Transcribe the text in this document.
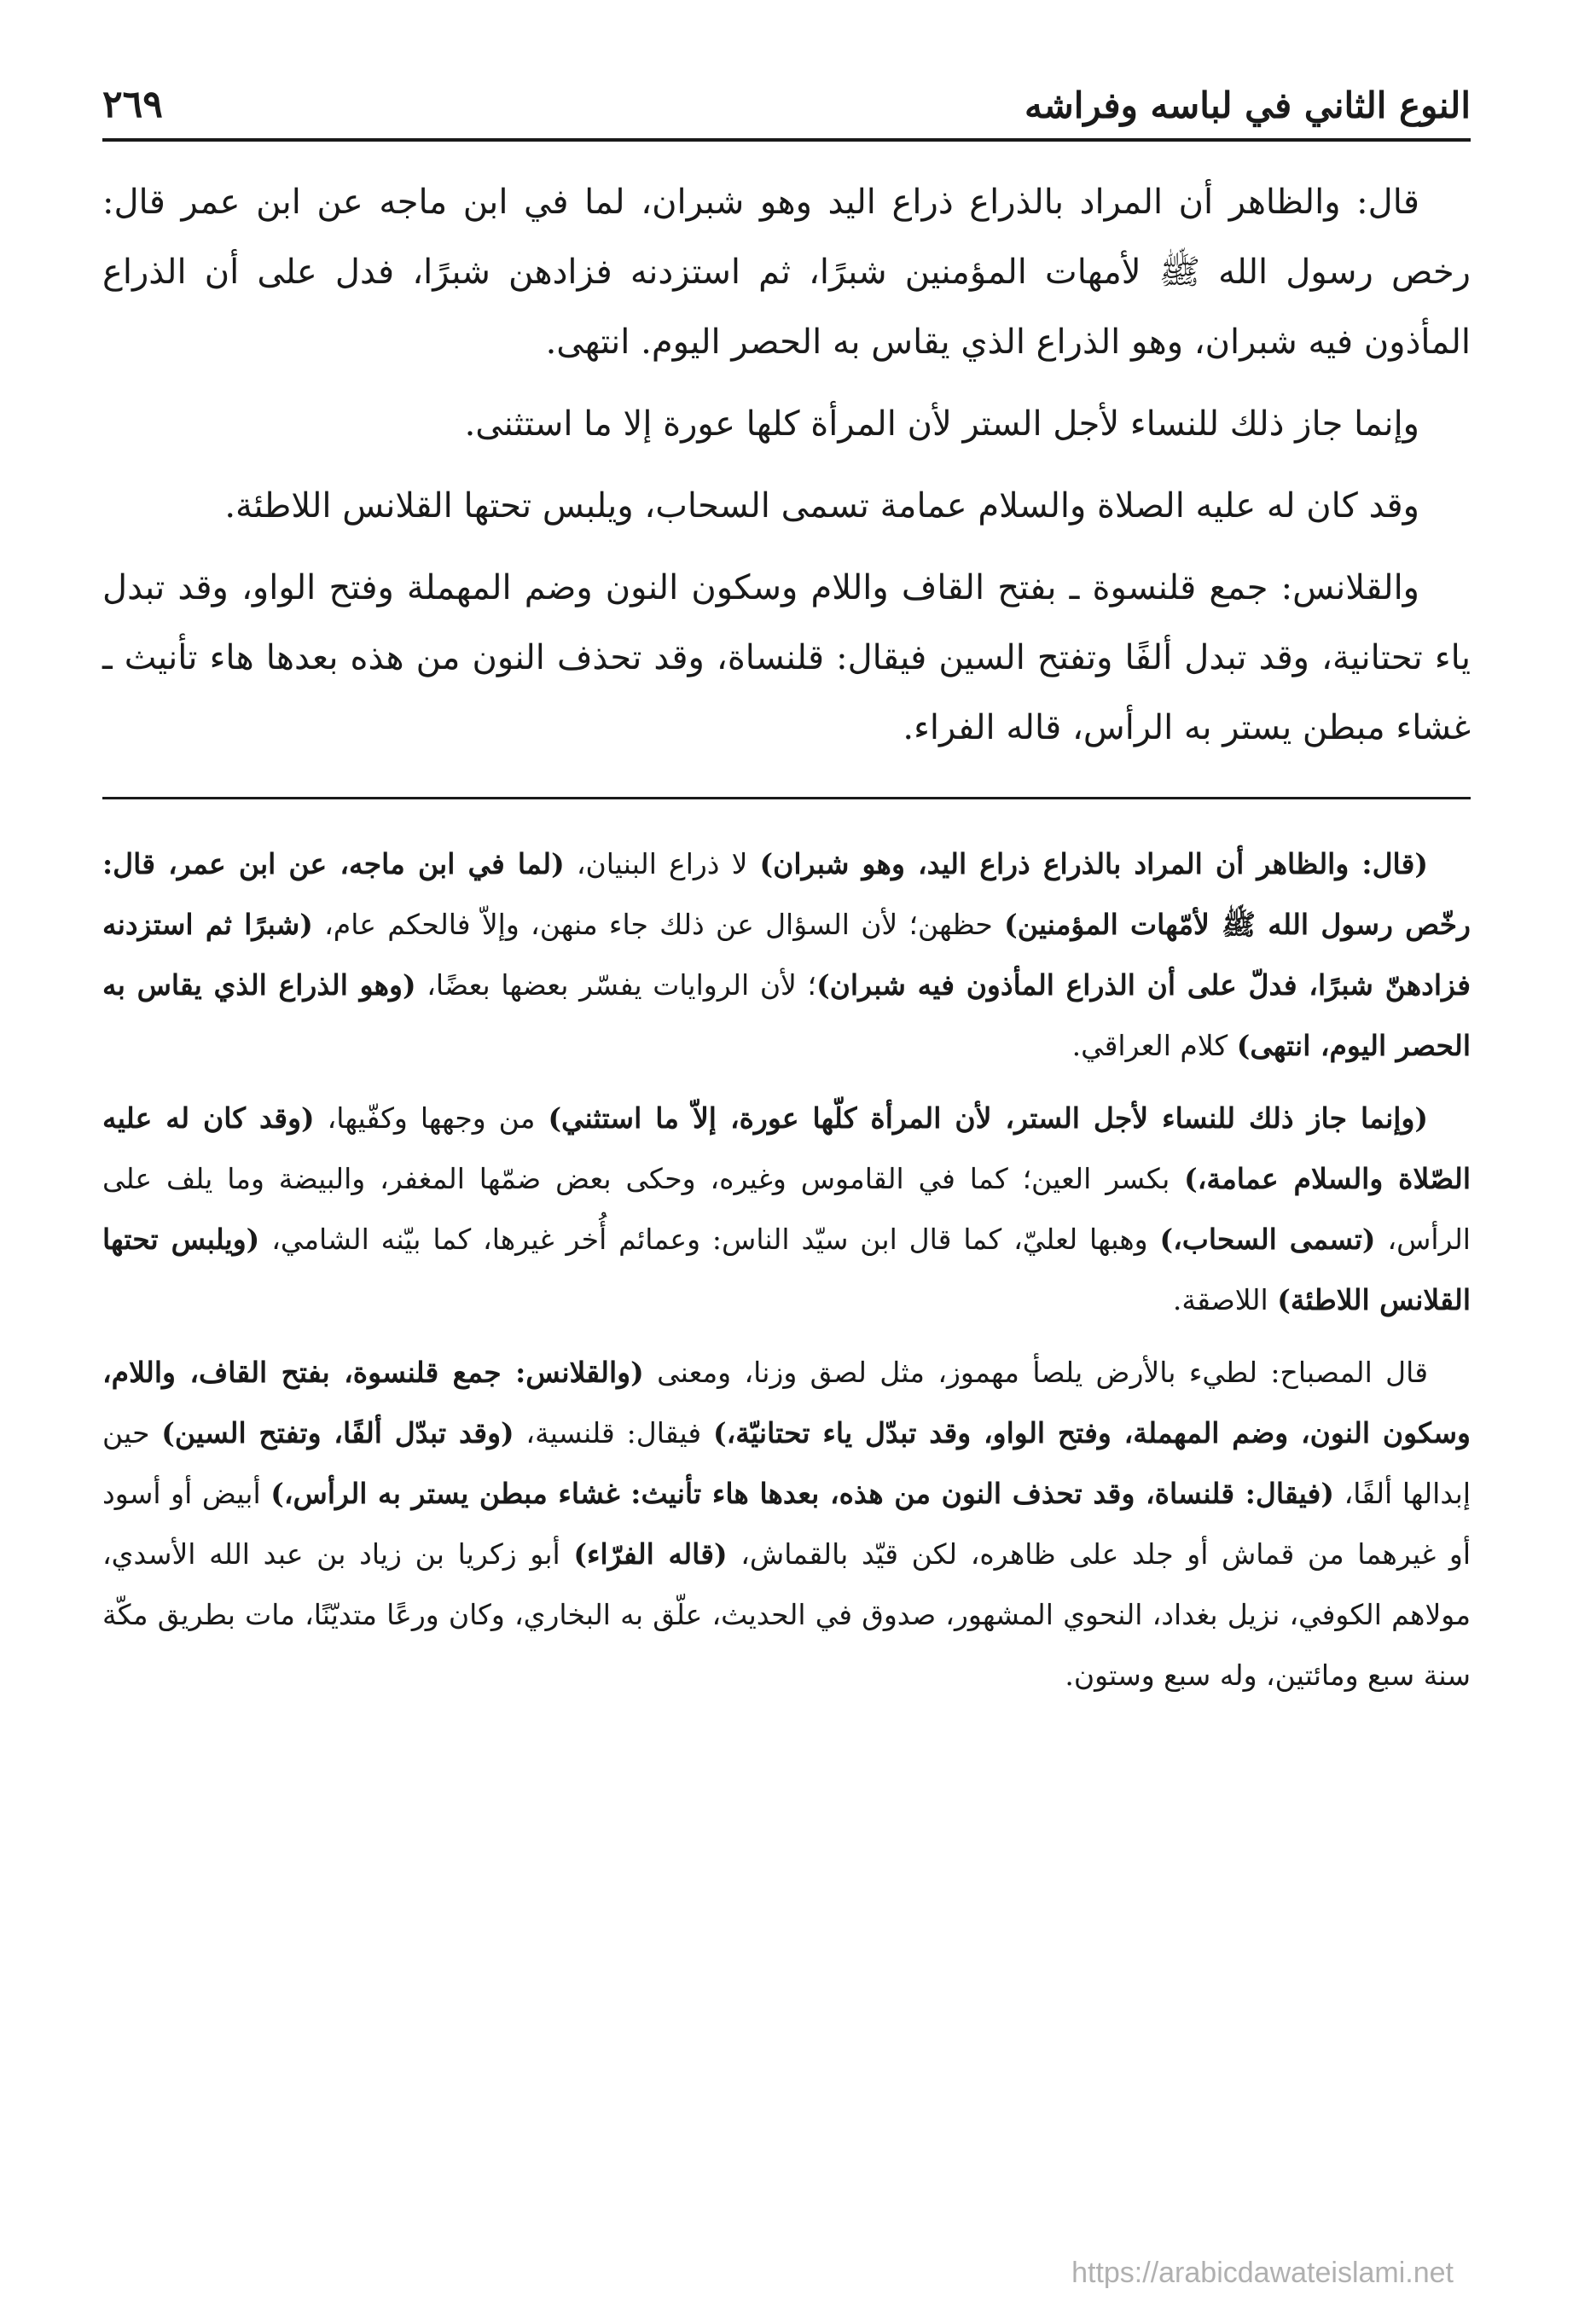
النوع الثاني في لباسه وفراشه
٢٦٩

قال: والظاهر أن المراد بالذراع ذراع اليد وهو شبران، لما في ابن ماجه عن ابن عمر قال: رخص رسول الله ﷺ لأمهات المؤمنين شبرًا، ثم استزدنه فزادهن شبرًا، فدل على أن الذراع المأذون فيه شبران، وهو الذراع الذي يقاس به الحصر اليوم. انتهى.

وإنما جاز ذلك للنساء لأجل الستر لأن المرأة كلها عورة إلا ما استثنى.

وقد كان له عليه الصلاة والسلام عمامة تسمى السحاب، ويلبس تحتها القلانس اللاطئة.

والقلانس: جمع قلنسوة ـ بفتح القاف واللام وسكون النون وضم المهملة وفتح الواو، وقد تبدل ياء تحتانية، وقد تبدل ألفًا وتفتح السين فيقال: قلنساة، وقد تحذف النون من هذه بعدها هاء تأنيث ـ غشاء مبطن يستر به الرأس، قاله الفراء.

(قال: والظاهر أن المراد بالذراع ذراع اليد، وهو شبران) لا ذراع البنيان، (لما في ابن ماجه، عن ابن عمر، قال: رخّص رسول الله ﷺ لأمّهات المؤمنين) حظهن؛ لأن السؤال عن ذلك جاء منهن، وإلاّ فالحكم عام، (شبرًا ثم استزدنه فزادهنّ شبرًا، فدلّ على أن الذراع المأذون فيه شبران)؛ لأن الروايات يفسّر بعضها بعضًا، (وهو الذراع الذي يقاس به الحصر اليوم، انتهى) كلام العراقي.

(وإنما جاز ذلك للنساء لأجل الستر، لأن المرأة كلّها عورة، إلاّ ما استثني) من وجهها وكفّيها، (وقد كان له عليه الصّلاة والسلام عمامة،) بكسر العين؛ كما في القاموس وغيره، وحكى بعض ضمّها المغفر، والبيضة وما يلف على الرأس، (تسمى السحاب،) وهبها لعليّ، كما قال ابن سيّد الناس: وعمائم أُخر غيرها، كما بيّنه الشامي، (ويلبس تحتها القلانس اللاطئة) اللاصقة.

قال المصباح: لطيء بالأرض يلصأ مهموز، مثل لصق وزنا، ومعنى (والقلانس: جمع قلنسوة، بفتح القاف، واللام، وسكون النون، وضم المهملة، وفتح الواو، وقد تبدّل ياء تحتانيّة،) فيقال: قلنسية، (وقد تبدّل ألفًا، وتفتح السين) حين إبدالها ألفًا، (فيقال: قلنساة، وقد تحذف النون من هذه، بعدها هاء تأنيث: غشاء مبطن يستر به الرأس،) أبيض أو أسود أو غيرهما من قماش أو جلد على ظاهره، لكن قيّد بالقماش، (قاله الفرّاء) أبو زكريا بن زياد بن عبد الله الأسدي، مولاهم الكوفي، نزيل بغداد، النحوي المشهور، صدوق في الحديث، علّق به البخاري، وكان ورعًا متديّنًا، مات بطريق مكّة سنة سبع ومائتين، وله سبع وستون.

https://arabicdawateislami.net
